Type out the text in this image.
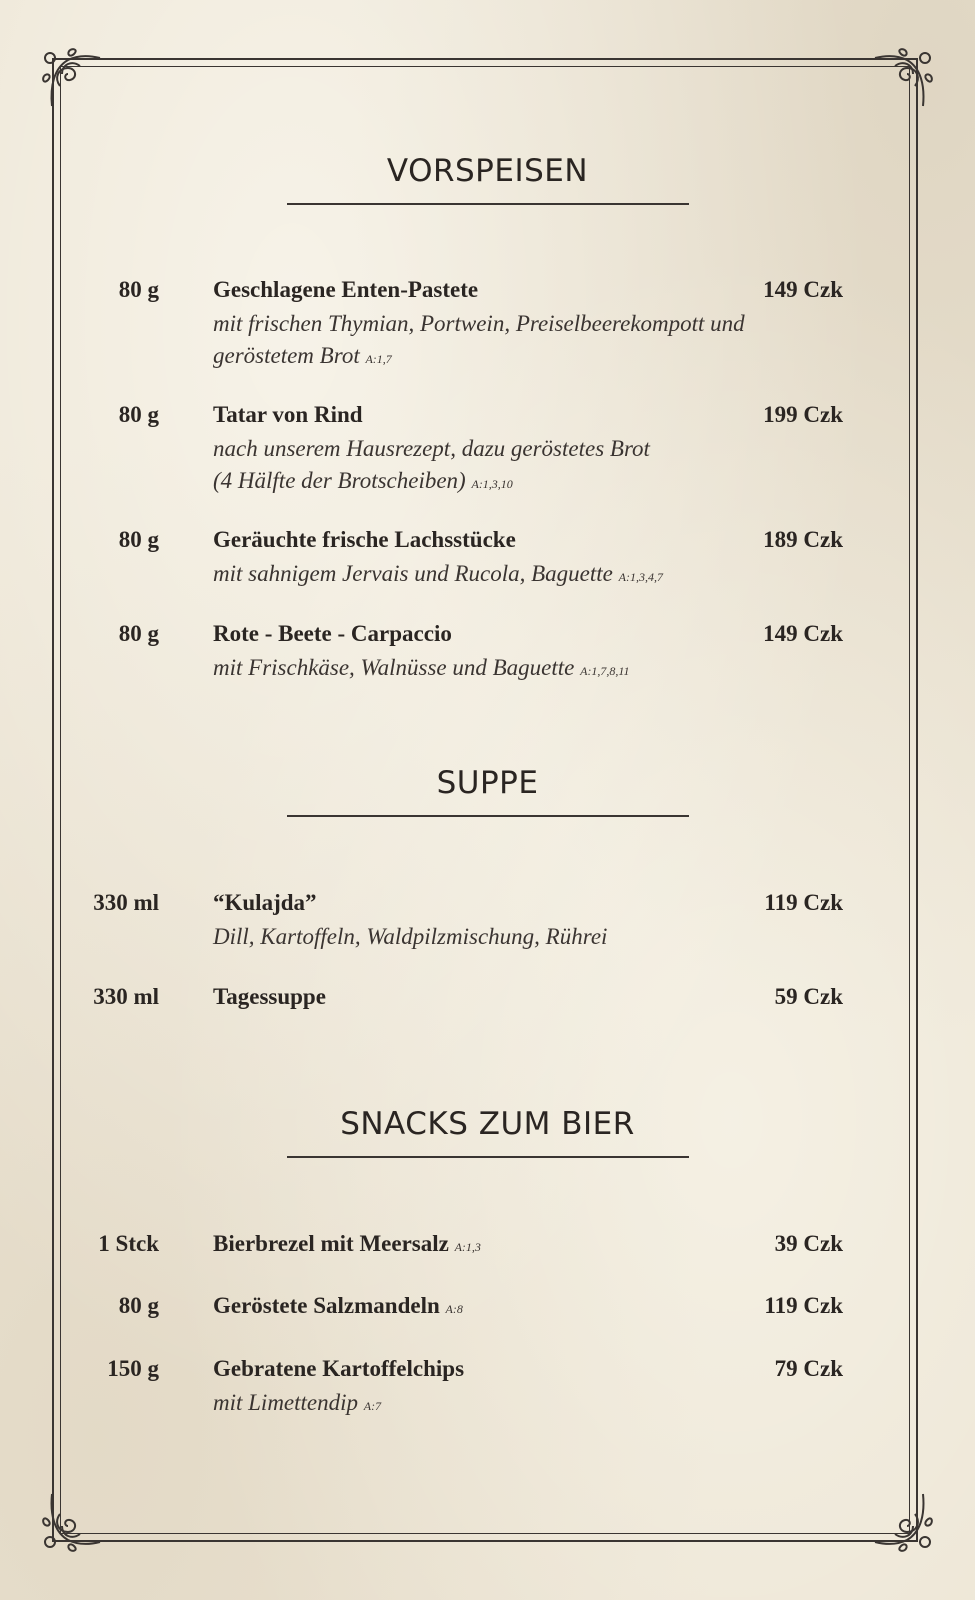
VORSPEISEN
80 g Geschlagene Enten-Pastete	149 Czk
mit frischen Thymian, Portwein, Preiselbeerekompott und
geröstetem Brot A:1,7
80 g Tatar von Rind	199 Czk
nach unserem Hausrezept, dazu geröstetes Brot
(4 Hälfte der Brotscheiben) A:1,3,10
80 g Geräuchte frische Lachsstücke	189 Czk
mit sahnigem Jervais und Rucola, Baguette A:1,3,4,7
80 g Rote - Beete - Carpaccio	149 Czk
mit Frischkäse, Walnüsse und Baguette A:1,7,8,11
SUPPE
330 ml “Kulajda”	119 Czk
Dill, Kartoffeln, Waldpilzmischung, Rührei
330 ml Tagessuppe	59 Czk
SNACKS ZUM BIER
1 Stck Bierbrezel mit Meersalz A:1,3	39 Czk
80 g Geröstete Salzmandeln A:8	119 Czk
150 g Gebratene Kartoffelchips	79 Czk
mit Limettendip A:7
